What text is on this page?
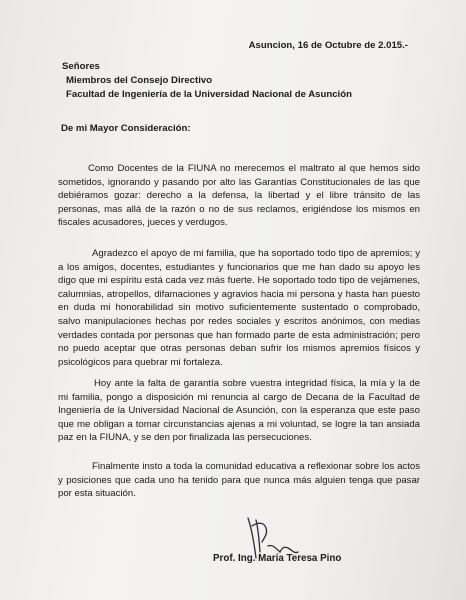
Asuncion, 16 de Octubre de 2.015.-
Señores
Miembros del Consejo Directivo
Facultad de Ingeniería de la Universidad Nacional de Asunción
De mi Mayor Consideración:
Como Docentes de la FIUNA no merecemos el maltrato al que hemos sido sometidos, ignorando y pasando por alto las Garantías Constitucionales de las que debiéramos gozar: derecho a la defensa, la libertad y el libre tránsito de las personas, mas allá de la razón o no de sus reclamos, erigiéndose los mismos en fiscales acusadores, jueces y verdugos.
Agradezco el apoyo de mi familia, que ha soportado todo tipo de apremios; y a los amigos, docentes, estudiantes y funcionarios que me han dado su apoyo les digo que mi espíritu está cada vez más fuerte. He soportado todo tipo de vejámenes, calumnias, atropellos, difamaciones y agravios hacia mi persona y hasta han puesto en duda mi honorabilidad sin motivo suficientemente sustentado o comprobado, salvo manipulaciones hechas por redes sociales y escritos anónimos, con medias verdades contada por personas que han formado parte de esta administración; pero no puedo aceptar que otras personas deban sufrir los mismos apremios físicos y psicológicos para quebrar mi fortaleza.
Hoy ante la falta de garantía sobre vuestra integridad física, la mía y la de mi familia, pongo a disposición mi renuncia al cargo de Decana de la Facultad de Ingeniería de la Universidad Nacional de Asunción, con la esperanza que este paso que me obligan a tomar circunstancias ajenas a mi voluntad, se logre la tan ansiada paz en la FIUNA, y se den por finalizada las persecuciones.
Finalmente insto a toda la comunidad educativa a reflexionar sobre los actos y posiciones que cada uno ha tenido para que nunca más alguien tenga que pasar por esta situación.
Prof. Ing. María Teresa Pino
